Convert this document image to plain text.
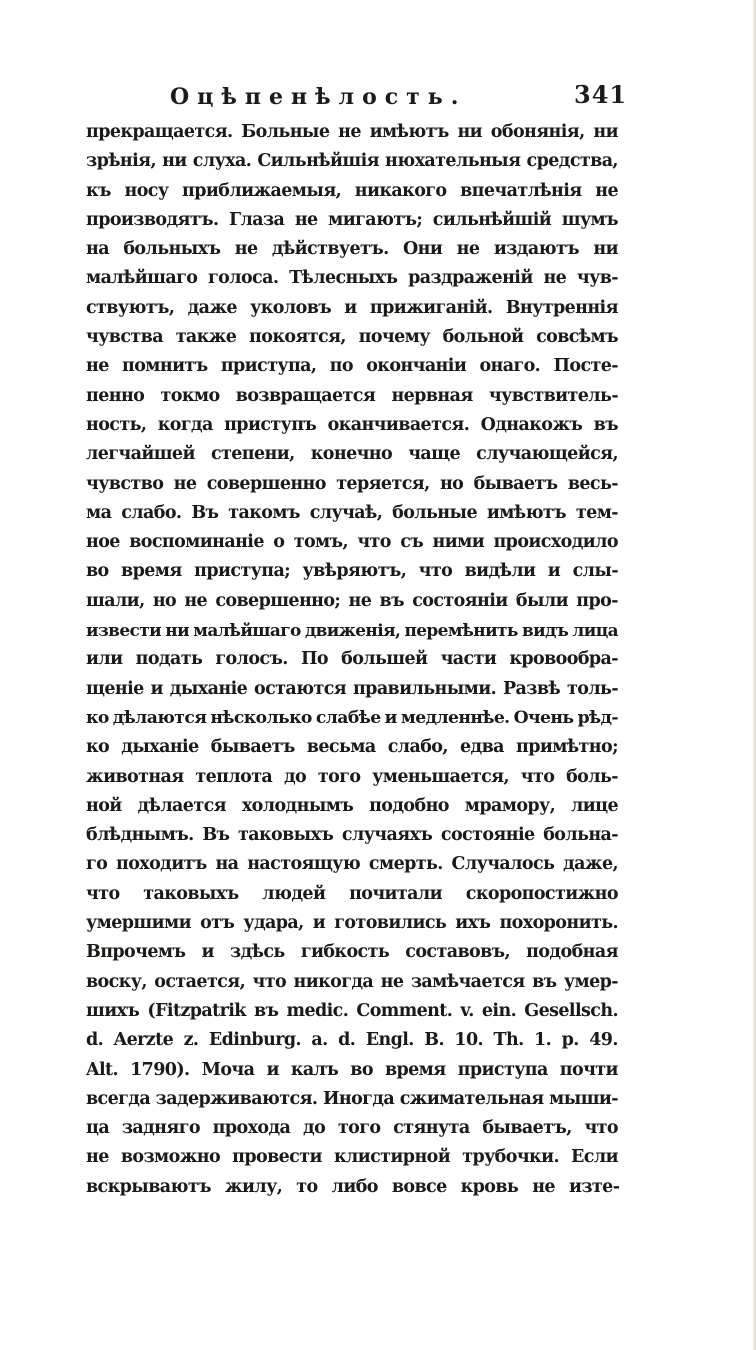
Оцѣпенѣлость.	341
прекращается. Больные не имѣютъ ни обонянія, ни
зрѣнія, ни слуха. Сильнѣйшія нюхательныя средства,
къ носу приближаемыя, никакого впечатлѣнія не
производятъ. Глаза не мигаютъ; сильнѣйшій шумъ
на больныхъ не дѣйствуетъ. Они не издаютъ ни
малѣйшаго голоса. Тѣлесныхъ раздраженій не чув-
ствуютъ, даже уколовъ и прижиганій. Внутреннія
чувства также покоятся, почему больной совсѣмъ
не помнитъ приступа, по окончаніи онаго. Посте-
пенно токмо возвращается нервная чувствитель-
ность, когда приступъ оканчивается. Однакожъ въ
легчайшей степени, конечно чаще случающейся,
чувство не совершенно теряется, но бываетъ весь-
ма слабо. Въ такомъ случаѣ, больные имѣютъ тем-
ное воспоминаніе о томъ, что съ ними происходило
во время приступа; увѣряютъ, что видѣли и слы-
шали, но не совершенно; не въ состояніи были про-
извести ни малѣйшаго движенія, перемѣнить видъ лица
или подать голосъ. По большей части кровообра-
щеніе и дыханіе остаются правильными. Развѣ толь-
ко дѣлаются нѣсколько слабѣе и медленнѣе. Очень рѣд-
ко дыханіе бываетъ весьма слабо, едва примѣтно;
животная теплота до того уменьшается, что боль-
ной дѣлается холоднымъ подобно мрамору, лице
блѣднымъ. Въ таковыхъ случаяхъ состояніе больна-
го походитъ на настоящую смерть. Случалось даже,
что таковыхъ людей почитали скоропостижно
умершими отъ удара, и готовились ихъ похоронить.
Впрочемъ и здѣсь гибкость составовъ, подобная
воску, остается, что никогда не замѣчается въ умер-
шихъ (Fitzpatrik въ medic. Comment. v. ein. Gesellsch.
d. Aerzte z. Edinburg. a. d. Engl. B. 10. Th. 1. p. 49.
Alt. 1790). Моча и калъ во время приступа почти
всегда задерживаются. Иногда сжимательная мыши-
ца задняго прохода до того стянута бываетъ, что
не возможно провести клистирной трубочки. Если
вскрываютъ жилу, то либо вовсе кровь не изте-
